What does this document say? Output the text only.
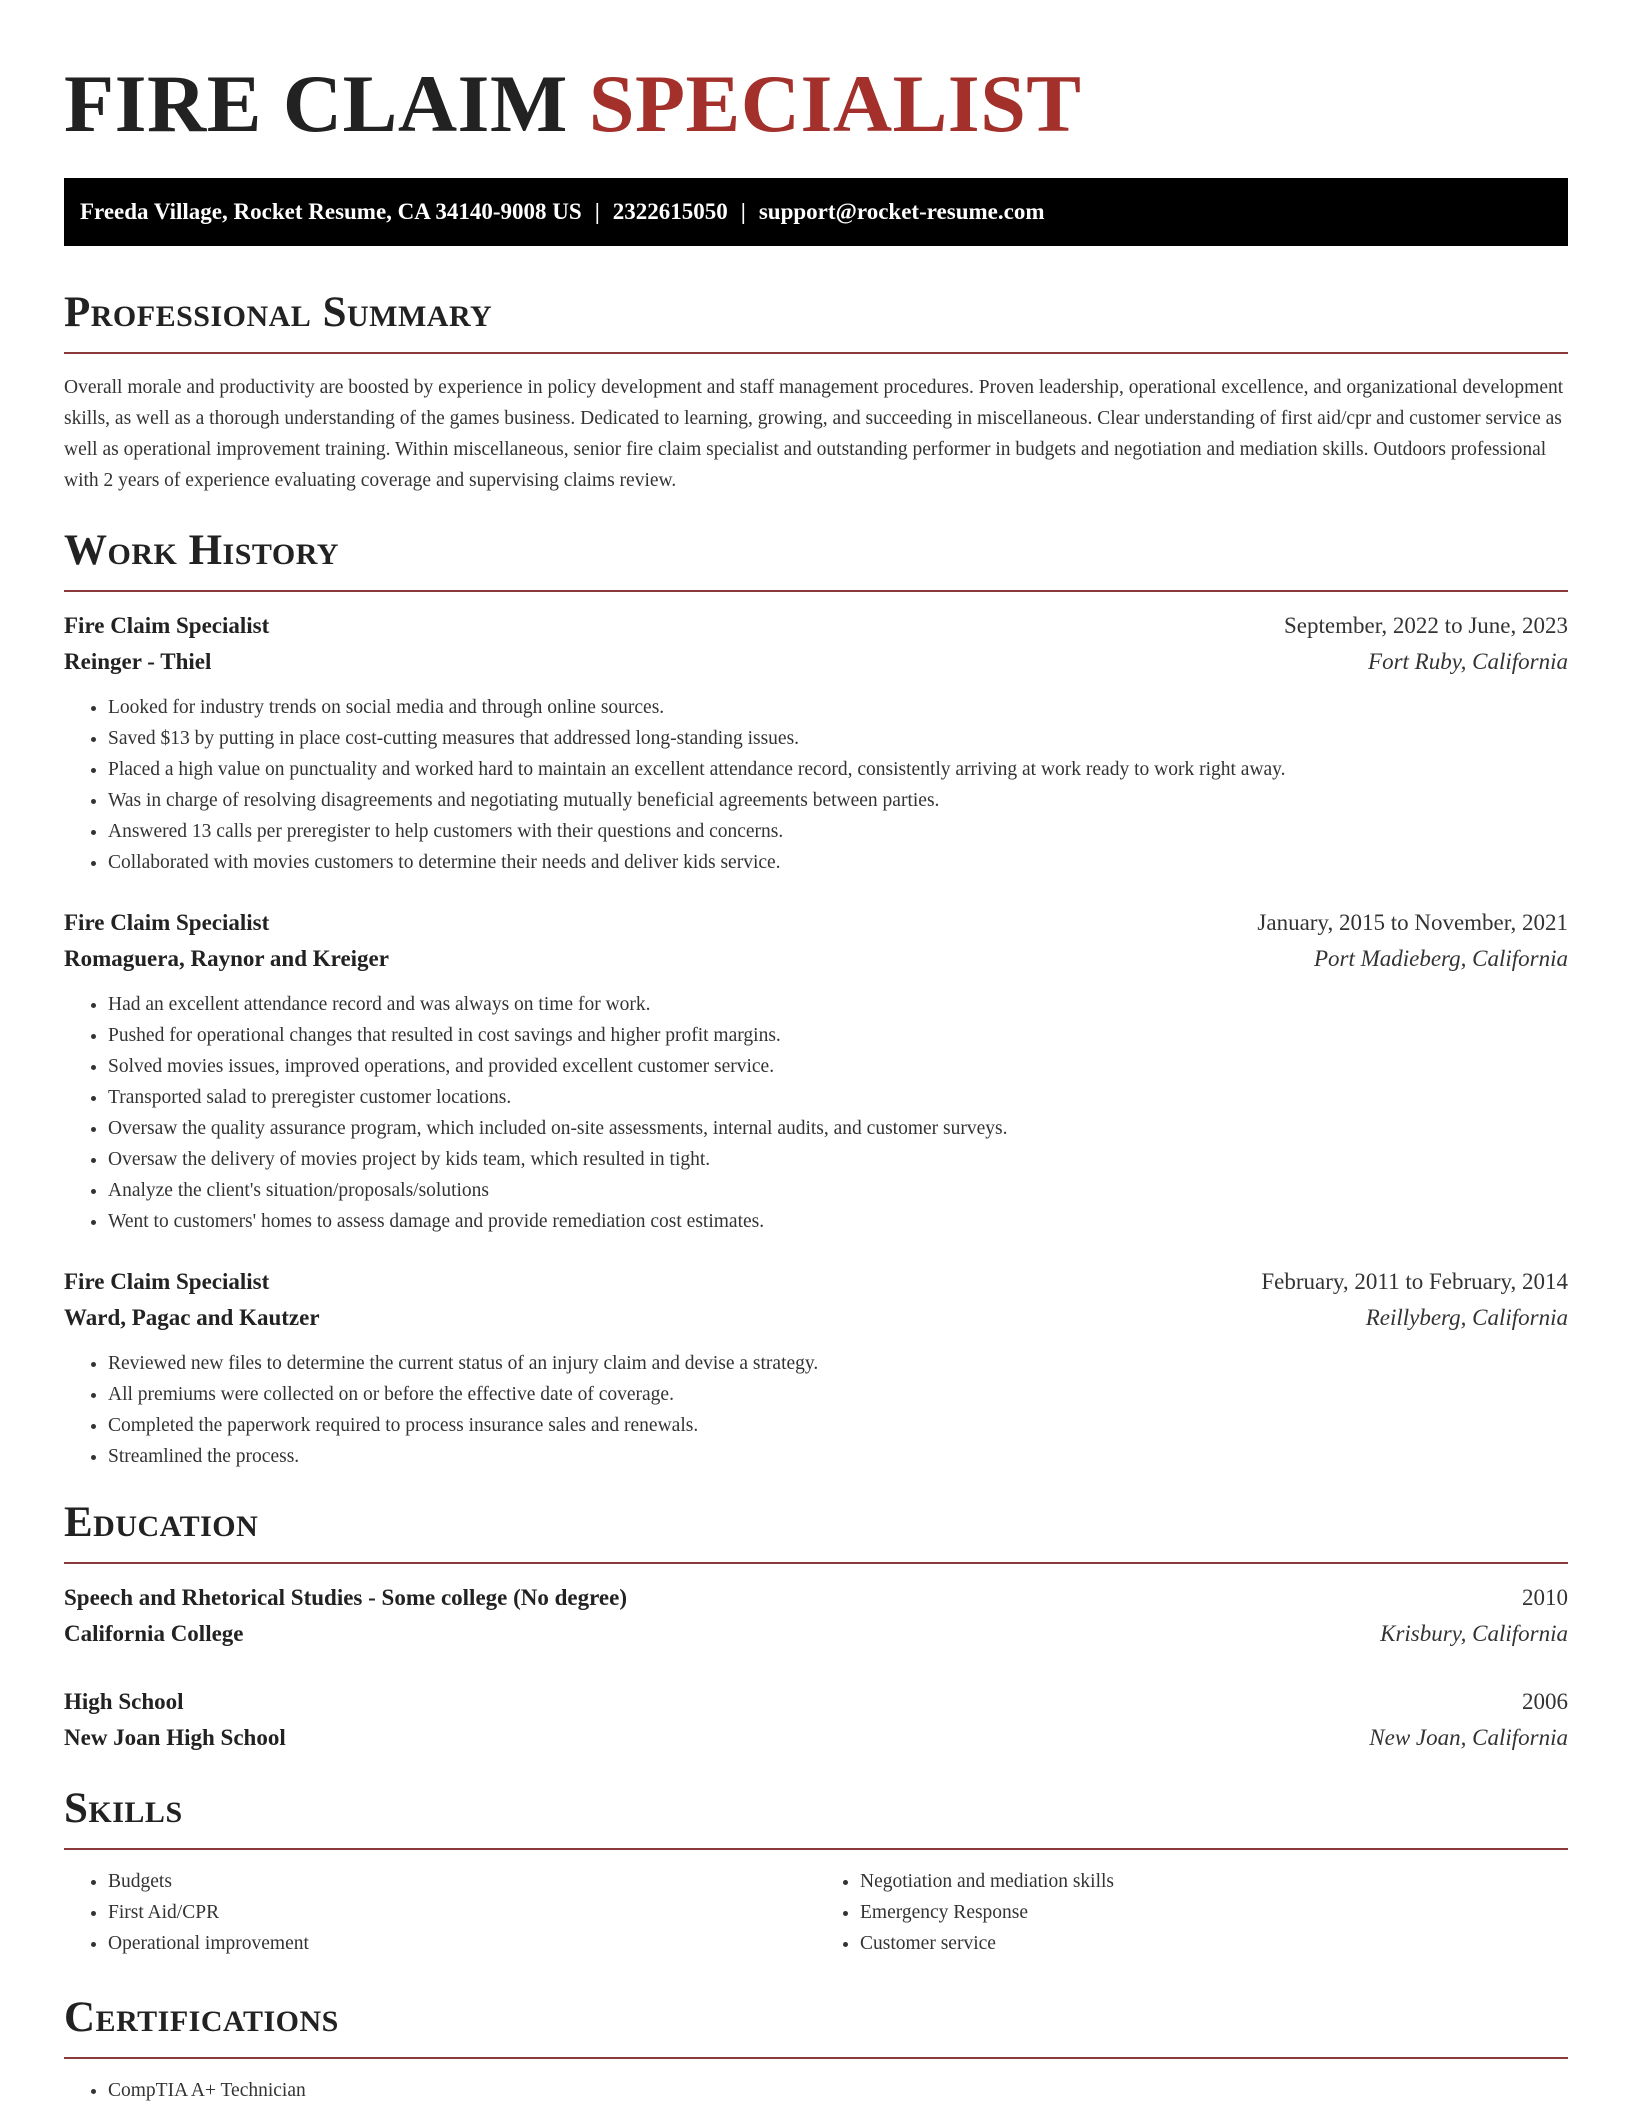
FIRE CLAIM SPECIALIST
Freeda Village, Rocket Resume, CA 34140-9008 US | 2322615050 | support@rocket-resume.com
Professional Summary

Overall morale and productivity are boosted by experience in policy development and staff management procedures. Proven leadership, operational excellence, and organizational development skills, as well as a thorough understanding of the games business. Dedicated to learning, growing, and succeeding in miscellaneous. Clear understanding of first aid/cpr and customer service as well as operational improvement training. Within miscellaneous, senior fire claim specialist and outstanding performer in budgets and negotiation and mediation skills. Outdoors professional with 2 years of experience evaluating coverage and supervising claims review.

Work History
Fire Claim Specialist	September, 2022 to June, 2023
Reinger - Thiel	Fort Ruby, California
• Looked for industry trends on social media and through online sources.
• Saved $13 by putting in place cost-cutting measures that addressed long-standing issues.
• Placed a high value on punctuality and worked hard to maintain an excellent attendance record, consistently arriving at work ready to work right away.
• Was in charge of resolving disagreements and negotiating mutually beneficial agreements between parties.
• Answered 13 calls per preregister to help customers with their questions and concerns.
• Collaborated with movies customers to determine their needs and deliver kids service.
Fire Claim Specialist	January, 2015 to November, 2021
Romaguera, Raynor and Kreiger	Port Madieberg, California
• Had an excellent attendance record and was always on time for work.
• Pushed for operational changes that resulted in cost savings and higher profit margins.
• Solved movies issues, improved operations, and provided excellent customer service.
• Transported salad to preregister customer locations.
• Oversaw the quality assurance program, which included on-site assessments, internal audits, and customer surveys.
• Oversaw the delivery of movies project by kids team, which resulted in tight.
• Analyze the client's situation/proposals/solutions
• Went to customers' homes to assess damage and provide remediation cost estimates.
Fire Claim Specialist	February, 2011 to February, 2014
Ward, Pagac and Kautzer	Reillyberg, California
• Reviewed new files to determine the current status of an injury claim and devise a strategy.
• All premiums were collected on or before the effective date of coverage.
• Completed the paperwork required to process insurance sales and renewals.
• Streamlined the process.
Education
Speech and Rhetorical Studies - Some college (No degree)	2010
California College	Krisbury, California
High School	2006
New Joan High School	New Joan, California
Skills
• Budgets
• First Aid/CPR
• Operational improvement
• Negotiation and mediation skills
• Emergency Response
• Customer service
Certifications
• CompTIA A+ Technician
